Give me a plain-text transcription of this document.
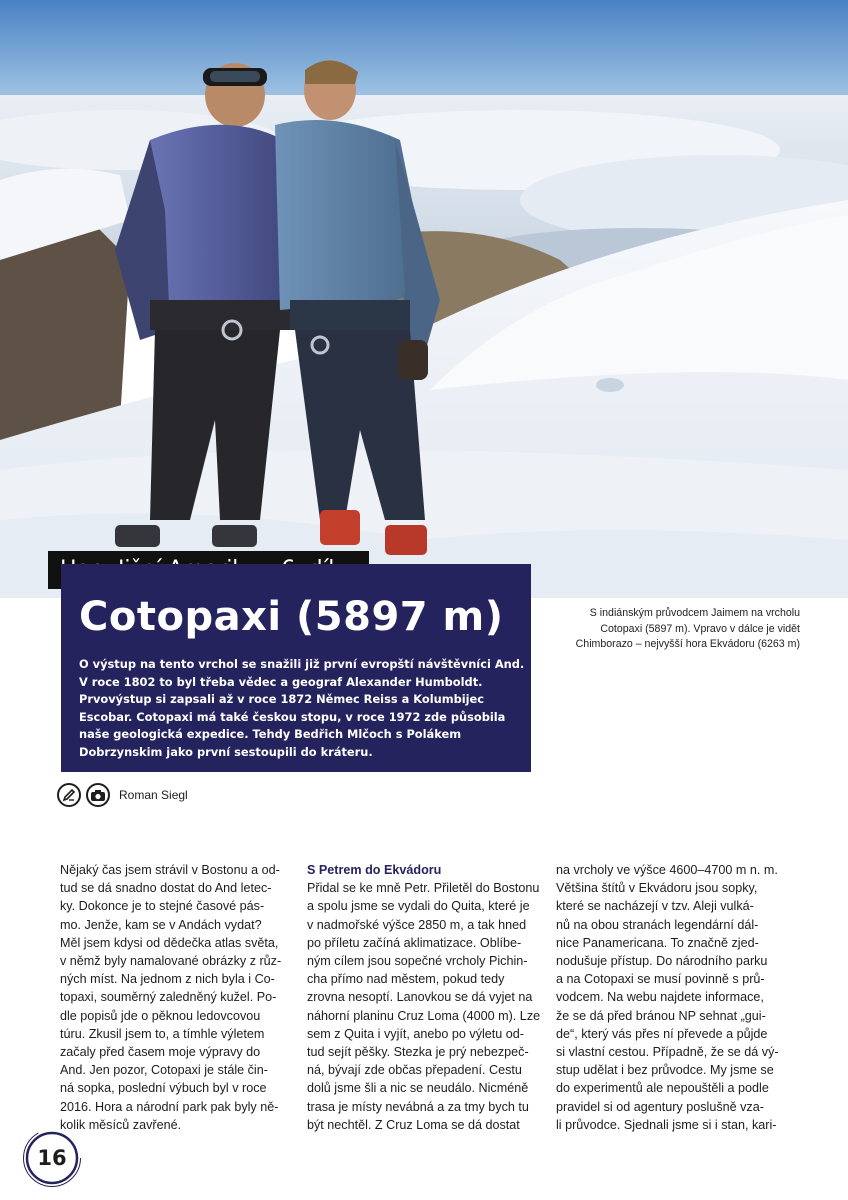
Cotopaxi (5897 m)
O výstup na tento vrchol se snažili již první evropští návštěvníci And.
V roce 1802 to byl třeba vědec a geograf Alexander Humboldt.
Prvovýstup si zapsali až v roce 1872 Němec Reiss a Kolumbijec
Escobar. Cotopaxi má také českou stopu, v roce 1972 zde působila
naše geologická expedice. Tehdy Bedřich Mlčoch s Polákem
Dobrzynskim jako první sestoupili do kráteru.
S indiánským průvodcem Jaimem na vrcholu
Cotopaxi (5897 m). Vpravo v dálce je vidět
Chimborazo – nejvyšší hora Ekvádoru (6263 m)
Roman Siegl
Nějaký čas jsem strávil v Bostonu a od-
tud se dá snadno dostat do And letec-
ky. Dokonce je to stejné časové pás-
mo. Jenže, kam se v Andách vydat?
Měl jsem kdysi od dědečka atlas světa,
v němž byly namalované obrázky z růz-
ných míst. Na jednom z nich byla i Co-
topaxi, souměrný zaledněný kužel. Po-
dle popisů jde o pěknou ledovcovou
túru. Zkusil jsem to, a tímhle výletem
začaly před časem moje výpravy do
And. Jen pozor, Cotopaxi je stále čin-
ná sopka, poslední výbuch byl v roce
2016. Hora a národní park pak byly ně-
kolik měsíců zavřené.
S Petrem do Ekvádoru
Přidal se ke mně Petr. Přiletěl do Bostonu
a spolu jsme se vydali do Quita, které je
v nadmořské výšce 2850 m, a tak hned
po příletu začíná aklimatizace. Oblíbe-
ným cílem jsou sopečné vrcholy Pichin-
cha přímo nad městem, pokud tedy
zrovna nesoptí. Lanovkou se dá vyjet na
náhorní planinu Cruz Loma (4000 m). Lze
sem z Quita i vyjít, anebo po výletu od-
tud sejít pěšky. Stezka je prý nebezpeč-
ná, bývají zde občas přepadení. Cestu
dolů jsme šli a nic se neudálo. Nicméně
trasa je místy nevábná a za tmy bych tu
být nechtěl. Z Cruz Loma se dá dostat
na vrcholy ve výšce 4600–4700 m n. m.
Většina štítů v Ekvádoru jsou sopky,
které se nacházejí v tzv. Aleji vulká-
nů na obou stranách legendární dál-
nice Panamericana. To značně zjed-
nodušuje přístup. Do národního parku
a na Cotopaxi se musí povinně s prů-
vodcem. Na webu najdete informace,
že se dá před bránou NP sehnat „gui-
de“, který vás přes ní převede a půjde
si vlastní cestou. Případně, že se dá vý-
stup udělat i bez průvodce. My jsme se
do experimentů ale nepouštěli a podle
pravidel si od agentury poslušně vza-
li průvodce. Sjednali jsme si i stan, kari-
16
